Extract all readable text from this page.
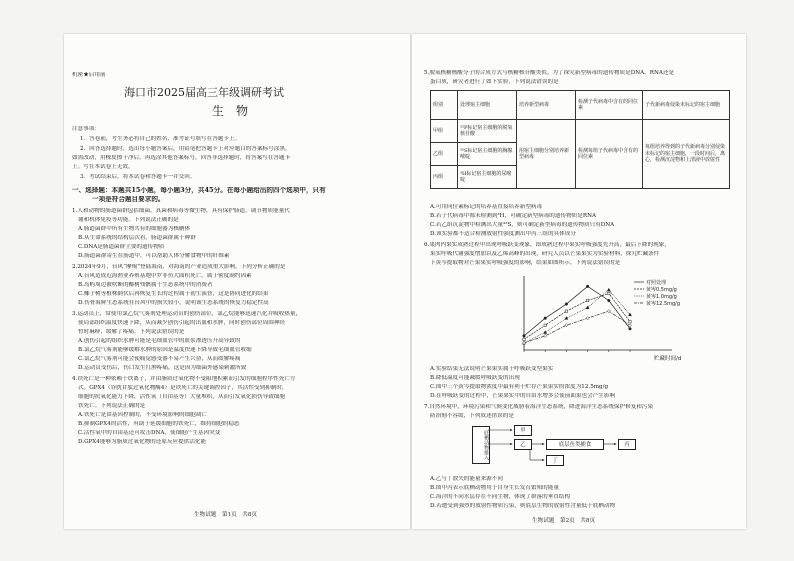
机密★启用前
海口市2025届高三年级调研考试
生　物
注意事项：
1．答卷前，考生务必将自己的姓名、准考证号填写在答题卡上。
2．回答选择题时，选出每小题答案后，用铅笔把答题卡上对应题目的答案标号涂黑。
如需改动，用橡皮擦干净后，再选涂其他答案标号。回答非选择题时，将答案写在答题卡
上。写在本试卷上无效。
3．考试结束后，将本试卷和答题卡一并交回。
一、选择题：本题共15小题，每小题3分，共45分。在每小题给出的四个选项中，只有
一项是符合题目要求的。
1.人和动物的肠道菌群包括细菌、真菌和病毒等微生物，具有保护肠道，调节物质能量代
谢和机体免疫等功能。下列说法正确的是
A.肠道菌群中所有生物共有的细胞器为核糖体
B.从生命系统的结构层次看，肠道菌群属于种群
C.DNA是肠道菌群主要的遗传物质
D.肠道菌群寄生在肠道中，可以帮助人体分解食物中的纤维素
2.2024年9月，台风“摩羯”登陆海南，对海南的产业造成重大影响。下列分析正确的是
A.台风造成近海渔业养殖基地中罗非鱼大面积死亡，属于密度制约因素
B.岛屿周边被吹断的椰树残骸属于生态系统中的消费者
C.椰子树等植株倒伏后再恢复生长的过程属于初生演替，这是协同进化的结果
D.伤骨海鲜生态系统在台风中的损失较小，说明该生态系统的恢复力稳定性高
3.运动员上，常使用氯乙烷气雾剂处理运动员的创伤部位，氯乙烷能够迅速汽化并吸收热量，
使局部组织温度快速下降，从而减少创伤引起的出血和水肿，同时创伤部位周围神经
暂时麻痹，缓解了疼痛。下列说法错误的是
A.创伤引起的组织水肿可能是毛细血管中的血浆渗透压升高导致的
B.氯乙烷气雾剂能够缓解水肿的原因是温度快速下降导致毛细血管收缩
C.氯乙烷气雾剂可能会使痛觉感受器不易产生兴奋，从而缓解疼痛
D.运动员受伤后，伤口发生红肿疼痛，这是因为细菌外感染刺激所致
4.铁死亡是一种依赖于铁离子，并由脂质过氧化物不受限地积累而引发的细胞程序性死亡方
式。GPX4（谷胱甘肽过氧化物酶4）是铁死亡的关键调控因子，其活性受到抑制时，
细胞的抗氧化能力下降，活性氧（自由基等）大量堆积，从而引发氧化损伤导致细胞
铁死亡。下列说法正确的是
A.铁死亡是由基因控制的，不受环境影响的细胞凋亡
B.抑制GPX4的活性，有助于延缓细胞的铁死亡，维持细胞的稳态
C.活性氧中的自由基还可攻击DNA，使细胞产生基因突变
D.GPX4能够为脂质过氧化物的还原反应提供活化能
生物试题　第1页　共8页
5.脱氧核糖核酸分子的合成方式与核糖核苷酸类似。为了探究新型病毒的遗传物质是DNA、RNA还是
蛋白质，研究者进行了如下实验，下列说法错误的是
组别	处理宿主细胞	培养新型病毒	检测子代病毒中含有的同位素	子代新病毒侵染未标记的宿主细胞
甲组	³²P标记宿主细胞的脱氧核苷酸	用宿主细胞分别培养新型病毒	检测每组子代病毒中含有的同位素	每组培养得到的子代新病毒分别侵染未标记的宿主细胞，一段时间后，离心，检测沉淀物和上清液中放射性
乙组	³⁵S标记宿主细胞的胸腺嘧啶			
丙组	³H标记宿主细胞的尿嘧啶			
A.可用同位素标记的培养基直接培养新型病毒
B.若子代病毒中都未检测到³H，可确定新型病毒的遗传物质是RNA
C.若乙组沉淀物中检测出大量³²S，则可确定新型病毒的遗传物质只有DNA
D.该实验都不适合检测放射性强度测出甲丙三组的具体成分
6.果肉内果实成熟过程中出现呼吸跃变现象，即成熟过程中果实呼吸强度先升高，最后下降的现象，
果实呼吸代谢强度增加以及乙烯高峰的出现，研究人员以芒果果实为实验材料，探究贮藏条件
下黄岑提取物对芒果果实呼吸强度的影响，结果如图所示。下列说法错误的是
对照处理
黄岑0.5mg/g
黄岑1.0mg/g
黄岑12.5mg/g
贮藏时间/d
A.实验结果无法说明芒果果实属于呼吸跃变型果实
B.降低温度可能减缓呼吸跃变的出现
C.图中三个黄岑提取物浓度中最有利于贮存芒果果实的浓度为12.5mg/g
D.在呼吸跃变的过程中，芒果果实中的自由水增多会使前面果也会产生影响
7.自然环境中，环境污染和气候变化威胁着海洋生态系统，降进海洋生态系统保护修复和污染
防治刻不容缓，下列叙述错误的是
底栖动物排入	甲
乙	底层鱼类捕食	丙
丁
A.乙与丁散失的能量来源不同
B.图中丙表示底栖动物用于自身生长发育繁殖的能量
C.海洋的不同水层存在不同生物，体现了群落的垂直结构
D.若遭受到强烈的放射性物质污染，则底层生物的放射性含量低于底栖动物
生物试题　第2页　共8页
